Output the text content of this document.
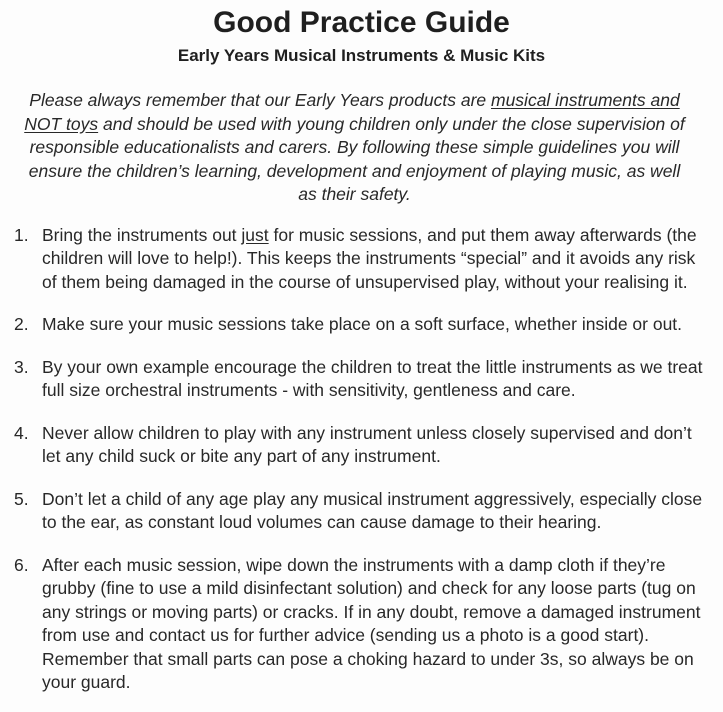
Good Practice Guide
Early Years Musical Instruments & Music Kits

Please always remember that our Early Years products are musical instruments and NOT toys and should be used with young children only under the close supervision of responsible educationalists and carers. By following these simple guidelines you will ensure the children’s learning, development and enjoyment of playing music, as well as their safety.

1. Bring the instruments out just for music sessions, and put them away afterwards (the children will love to help!). This keeps the instruments “special” and it avoids any risk of them being damaged in the course of unsupervised play, without your realising it.
2. Make sure your music sessions take place on a soft surface, whether inside or out.
3. By your own example encourage the children to treat the little instruments as we treat full size orchestral instruments - with sensitivity, gentleness and care.
4. Never allow children to play with any instrument unless closely supervised and don’t let any child suck or bite any part of any instrument.
5. Don’t let a child of any age play any musical instrument aggressively, especially close to the ear, as constant loud volumes can cause damage to their hearing.
6. After each music session, wipe down the instruments with a damp cloth if they’re grubby (fine to use a mild disinfectant solution) and check for any loose parts (tug on any strings or moving parts) or cracks. If in any doubt, remove a damaged instrument from use and contact us for further advice (sending us a photo is a good start). Remember that small parts can pose a choking hazard to under 3s, so always be on your guard.
